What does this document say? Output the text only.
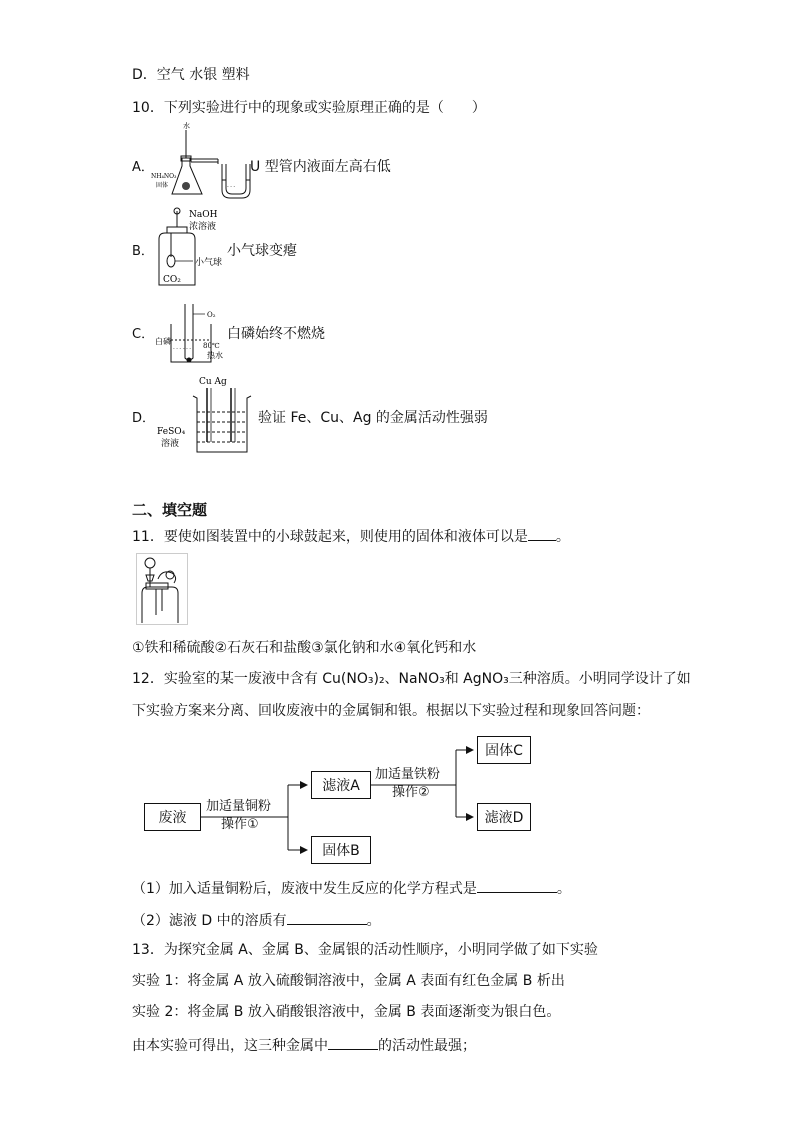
D．空气 水银 塑料
10．下列实验进行中的现象或实验原理正确的是（　　）
A．
水
- - -
NH₄NO₃
固体
U 型管内液面左高右低
B．
NaOH
浓溶液
小气球
CO₂
小气球变瘪
C．
O₂
- - - - - -
白磷	80℃
热水
白磷始终不燃烧
D．
Cu Ag
FeSO₄
溶液
验证 Fe、Cu、Ag 的金属活动性强弱
二、填空题
11．要使如图装置中的小球鼓起来，则使用的固体和液体可以是 。
①铁和稀硫酸②石灰石和盐酸③氯化钠和水④氧化钙和水
12．实验室的某一废液中含有 Cu(NO₃)₂、NaNO₃和 AgNO₃三种溶质。小明同学设计了如
下实验方案来分离、回收废液中的金属铜和银。根据以下实验过程和现象回答问题：
废液
加适量铜粉
操作①
滤液A
固体B
加适量铁粉
操作②
固体C
滤液D
（1）加入适量铜粉后，废液中发生反应的化学方程式是	。
（2）滤液 D 中的溶质有	。
13．为探究金属 A、金属 B、金属银的活动性顺序，小明同学做了如下实验
实验 1：将金属 A 放入硫酸铜溶液中，金属 A 表面有红色金属 B 析出
实验 2：将金属 B 放入硝酸银溶液中，金属 B 表面逐渐变为银白色。
由本实验可得出，这三种金属中	的活动性最强；
